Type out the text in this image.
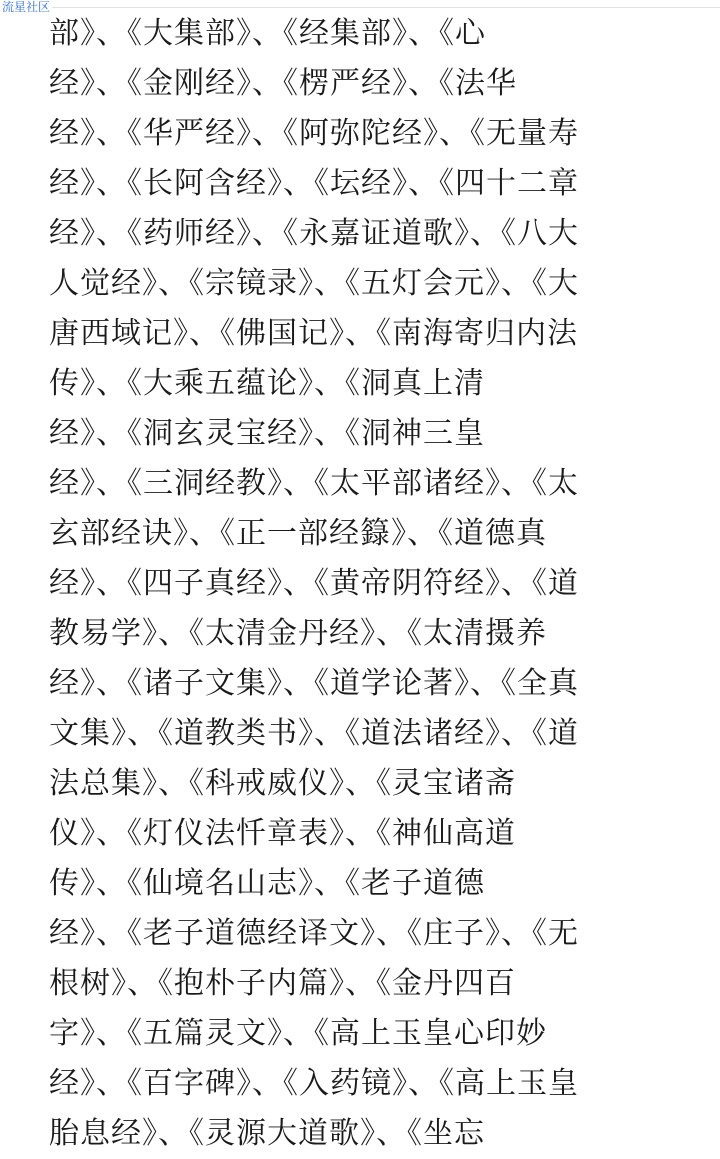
流星社区
部》、《大集部》、《经集部》、《心
经》、《金刚经》、《楞严经》、《法华
经》、《华严经》、《阿弥陀经》、《无量寿
经》、《长阿含经》、《坛经》、《四十二章
经》、《药师经》、《永嘉证道歌》、《八大
人觉经》、《宗镜录》、《五灯会元》、《大
唐西域记》、《佛国记》、《南海寄归内法
传》、《大乘五蕴论》、《洞真上清
经》、《洞玄灵宝经》、《洞神三皇
经》、《三洞经教》、《太平部诸经》、《太
玄部经诀》、《正一部经籙》、《道德真
经》、《四子真经》、《黄帝阴符经》、《道
教易学》、《太清金丹经》、《太清摄养
经》、《诸子文集》、《道学论著》、《全真
文集》、《道教类书》、《道法诸经》、《道
法总集》、《科戒威仪》、《灵宝诸斋
仪》、《灯仪法忏章表》、《神仙高道
传》、《仙境名山志》、《老子道德
经》、《老子道德经译文》、《庄子》、《无
根树》、《抱朴子内篇》、《金丹四百
字》、《五篇灵文》、《高上玉皇心印妙
经》、《百字碑》、《入药镜》、《高上玉皇
胎息经》、《灵源大道歌》、《坐忘
